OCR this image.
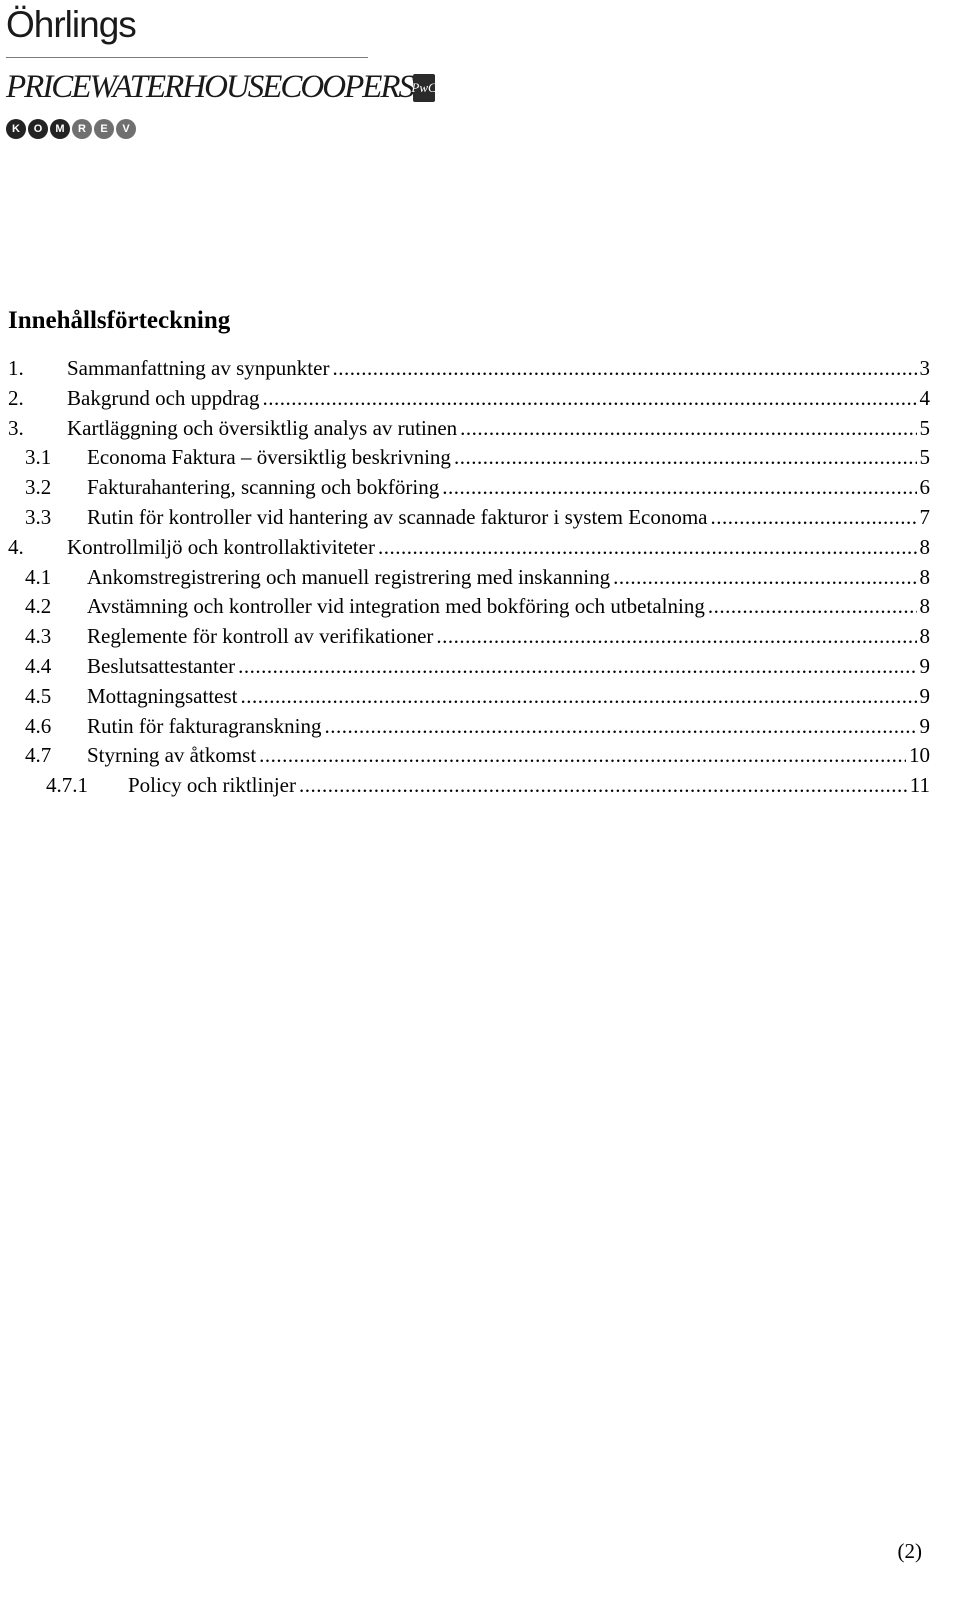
Öhrlings
PRICEWATERHOUSECOOPERS
PwC
K	O	M	R	E	V
Innehållsförteckning
1.	Sammanfattning av synpunkter .....	3
2.	Bakgrund och uppdrag .....	4
3.	Kartläggning och översiktlig analys av rutinen .....	5
3.1	Economa Faktura – översiktlig beskrivning .....	5
3.2	Fakturahantering, scanning och bokföring .....	6
3.3	Rutin för kontroller vid hantering av scannade fakturor i system Economa .....	7
4.	Kontrollmiljö och kontrollaktiviteter .....	8
4.1	Ankomstregistrering och manuell registrering med inskanning .....	8
4.2	Avstämning och kontroller vid integration med bokföring och utbetalning .....	8
4.3	Reglemente för kontroll av verifikationer .....	8
4.4	Beslutsattestanter .....	9
4.5	Mottagningsattest .....	9
4.6	Rutin för fakturagranskning .....	9
4.7	Styrning av åtkomst .....	10
4.7.1	Policy och riktlinjer .....	11
(2)
